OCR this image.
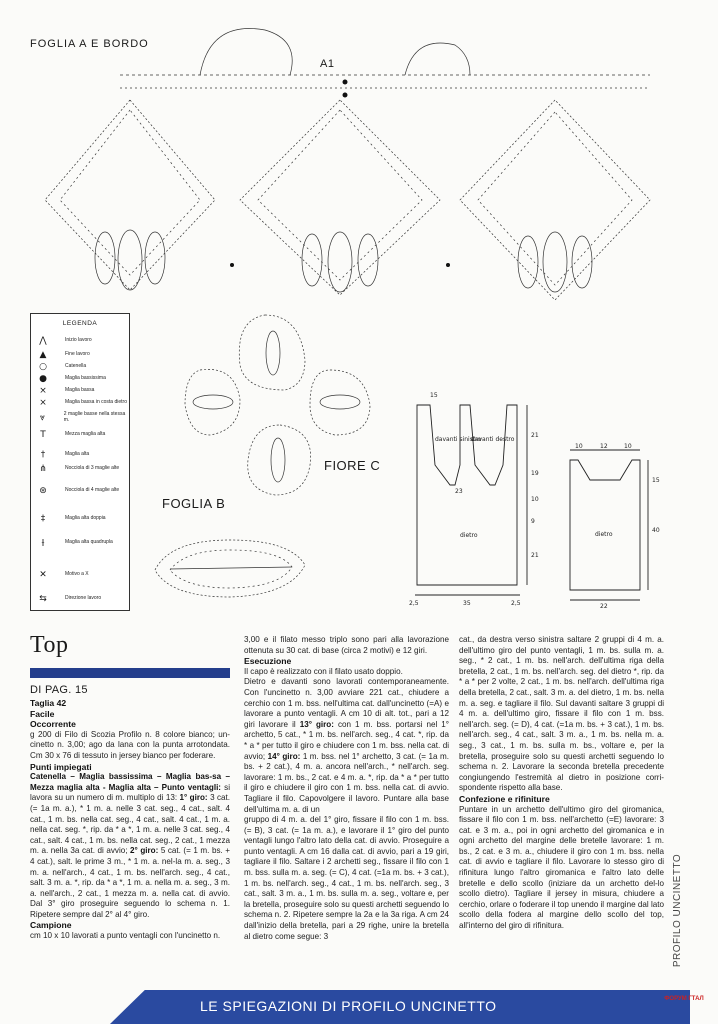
FOGLIA A E BORDO
A1
LEGENDA
⋀	Inizio lavoro
▲	Fine lavoro
○	Catenella
●	Maglia bassissima
×	Maglia bassa
⨯	Maglia bassa in costa dietro
⩔	2 maglie basse nella stessa m.
T	Mezza maglia alta
†	Maglia alta
⋔	Nocciola di 3 maglie alte
⊛	Nocciola di 4 maglie alte
‡	Maglia alta doppia
⫲	Maglia alta quadrupla
✕	Motivo a X
⇆	Direzione lavoro
FIORE C
FOGLIA B
davanti sinistro
davanti destro
dietro
15
21
19
23
10
9
21
2,5	35	2,5
10	12	10
15
40
22
dietro
Top
DI PAG. 15

Taglia 42

Facile

Occorrente

g 200 di Filo di Scozia Profilo n. 8 colore bianco; un-cinetto n. 3,00; ago da lana con la punta arrotondata. Cm 30 x 76 di tessuto in jersey bianco per foderare.

Punti impiegati

Catenella – Maglia bassissima – Maglia bas-sa – Mezza maglia alta - Maglia alta – Punto ventagli: si lavora su un numero di m. multiplo di 13: 1° giro: 3 cat. (= 1a m. a.), * 1 m. a. nelle 3 cat. seg., 4 cat., salt. 4 cat., 1 m. bs. nella cat. seg., 4 cat., salt. 4 cat., 1 m. a. nella cat. seg. *, rip. da * a *, 1 m. a. nelle 3 cat. seg., 4 cat., salt. 4 cat., 1 m. bs. nella cat. seg., 2 cat., 1 mezza m. a. nella 3a cat. di avvio; 2° giro: 5 cat. (= 1 m. bs. + 4 cat.), salt. le prime 3 m., * 1 m. a. nel-la m. a. seg., 3 m. a. nell'arch., 4 cat., 1 m. bs. nell'arch. seg., 4 cat., salt. 3 m. a. *, rip. da * a *, 1 m. a. nella m. a. seg., 3 m. a. nell'arch., 2 cat., 1 mezza m. a. nella cat. di avvio. Dal 3° giro proseguire seguendo lo schema n. 1. Ripetere sempre dal 2° al 4° giro.

Campione

cm 10 x 10 lavorati a punto ventagli con l'uncinetto n.

3,00 e il filato messo triplo sono pari alla lavorazione ottenuta su 30 cat. di base (circa 2 motivi) e 12 giri.

Esecuzione

Il capo è realizzato con il filato usato doppio.

Dietro e davanti sono lavorati contemporaneamente. Con l'uncinetto n. 3,00 avviare 221 cat., chiudere a cerchio con 1 m. bss. nell'ultima cat. dall'uncinetto (=A) e lavorare a punto ventagli. A cm 10 di alt. tot., pari a 12 giri lavorare il 13° giro: con 1 m. bss. portarsi nel 1° archetto, 5 cat., * 1 m. bs. nell'arch. seg., 4 cat. *, rip. da * a * per tutto il giro e chiudere con 1 m. bss. nella cat. di avvio; 14° giro: 1 m. bss. nel 1° archetto, 3 cat. (= 1a m. bs. + 2 cat.), 4 m. a. ancora nell'arch., * nell'arch. seg. lavorare: 1 m. bs., 2 cat. e 4 m. a. *, rip. da * a * per tutto il giro e chiudere il giro con 1 m. bss. nella cat. di avvio. Tagliare il filo. Capovolgere il lavoro. Puntare alla base dell'ultima m. a. di un

gruppo di 4 m. a. del 1° giro, fissare il filo con 1 m. bss. (= B), 3 cat. (= 1a m. a.), e lavorare il 1° giro del punto ventagli lungo l'altro lato della cat. di avvio. Proseguire a punto ventagli. A cm 16 dalla cat. di avvio, pari a 19 giri, tagliare il filo. Saltare i 2 archetti seg., fissare il filo con 1 m. bss. sulla m. a. seg. (= C), 4 cat. (=1a m. bs. + 3 cat.), 1 m. bs. nell'arch. seg., 4 cat., 1 m. bs. nell'arch. seg., 3 cat., salt. 3 m. a., 1 m. bs. sulla m. a. seg., voltare e, per la bretella, proseguire solo su questi archetti seguendo lo schema n. 2. Ripetere sempre la 2a e la 3a riga. A cm 24 dall'inizio della bretella, pari a 29 righe, unire la bretella al dietro come segue: 3

cat., da destra verso sinistra saltare 2 gruppi di 4 m. a. dell'ultimo giro del punto ventagli, 1 m. bs. sulla m. a. seg., * 2 cat., 1 m. bs. nell'arch. dell'ultima riga della bretella, 2 cat., 1 m. bs. nell'arch. seg. del dietro *, rip. da * a * per 2 volte, 2 cat., 1 m. bs. nell'arch. dell'ultima riga della bretella, 2 cat., salt. 3 m. a. del dietro, 1 m. bs. nella m. a. seg. e tagliare il filo. Sul davanti saltare 3 gruppi di 4 m. a. dell'ultimo giro, fissare il filo con 1 m. bss. nell'arch. seg. (= D), 4 cat. (=1a m. bs. + 3 cat.), 1 m. bs. nell'arch. seg., 4 cat., salt. 3 m. a., 1 m. bs. nella m. a. seg., 3 cat., 1 m. bs. sulla m. bs., voltare e, per la bretella, proseguire solo su questi archetti seguendo lo schema n. 2. Lavorare la seconda bretella precedente congiungendo l'estremità al dietro in posizione corri-spondente rispetto alla base.

Confezione e rifiniture

Puntare in un archetto dell'ultimo giro del giromanica, fissare il filo con 1 m. bss. nell'archetto (=E) lavorare: 3 cat. e 3 m. a., poi in ogni archetto del giromanica e in ogni archetto del margine delle bretelle lavorare: 1 m. bs., 2 cat. e 3 m. a., chiudere il giro con 1 m. bss. nella cat. di avvio e tagliare il filo. Lavorare lo stesso giro di rifinitura lungo l'altro giromanica e l'altro lato delle bretelle e dello scollo (iniziare da un archetto del-lo scollo dietro). Tagliare il jersey in misura, chiudere a cerchio, orlare o foderare il top unendo il margine dal lato scollo della fodera al margine dello scollo del top, all'interno del giro di rifinitura.	PROFILO UNCINETTO
LE SPIEGAZIONI DI PROFILO UNCINETTO	ФОРУМ ГТАЛ
